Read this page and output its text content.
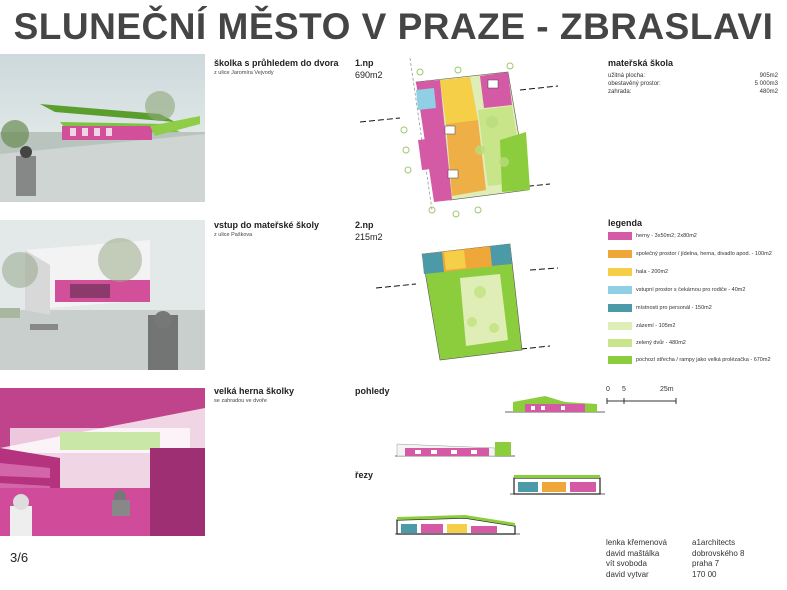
SLUNEČNÍ MĚSTO V PRAZE - ZBRASLAVI
školka s průhledem do dvora
z ulice Jaromíra Vejvody
vstup do mateřské školy
z ulice Paškova
velká herna školky
se zahradou ve dvoře
1.np
690m2
2.np
215m2
mateřská škola
užitná plocha:	905m2
obestavěný prostor:	5 000m3
zahrada:	480m2
legenda
herny - 3x50m2; 2x80m2
společný prostor / jídelna, herna, divadlo apod. - 100m2
hala - 200m2
vstupní prostor s čekárnou pro rodiče - 40m2
místnosti pro personál - 150m2
zázemí - 105m2
zelený dvůr - 480m2
pochozí střecha / rampy jako velká prolézačka - 670m2
0 5	25m
pohledy
řezy
lenka křemenová
david maštálka
vít svoboda
david vytvar
a1architects
dobrovského 8
praha 7
170 00
3/6
